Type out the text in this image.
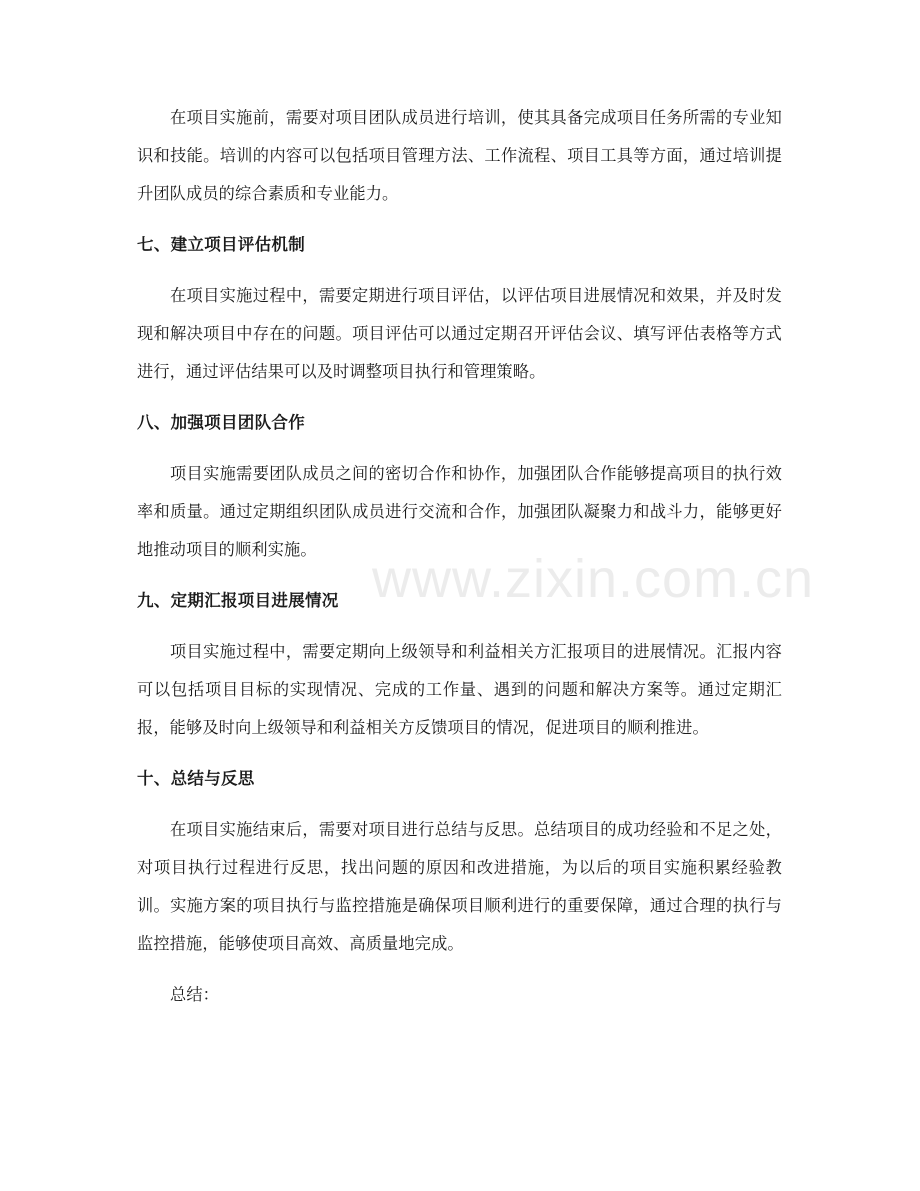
www.zixin.com.cn

在项目实施前，需要对项目团队成员进行培训，使其具备完成项目任务所需的专业知识和技能。培训的内容可以包括项目管理方法、工作流程、项目工具等方面，通过培训提升团队成员的综合素质和专业能力。

七、建立项目评估机制

在项目实施过程中，需要定期进行项目评估，以评估项目进展情况和效果，并及时发现和解决项目中存在的问题。项目评估可以通过定期召开评估会议、填写评估表格等方式进行，通过评估结果可以及时调整项目执行和管理策略。

八、加强项目团队合作

项目实施需要团队成员之间的密切合作和协作，加强团队合作能够提高项目的执行效率和质量。通过定期组织团队成员进行交流和合作，加强团队凝聚力和战斗力，能够更好地推动项目的顺利实施。

九、定期汇报项目进展情况

项目实施过程中，需要定期向上级领导和利益相关方汇报项目的进展情况。汇报内容可以包括项目目标的实现情况、完成的工作量、遇到的问题和解决方案等。通过定期汇报，能够及时向上级领导和利益相关方反馈项目的情况，促进项目的顺利推进。

十、总结与反思

在项目实施结束后，需要对项目进行总结与反思。总结项目的成功经验和不足之处，对项目执行过程进行反思，找出问题的原因和改进措施，为以后的项目实施积累经验教训。实施方案的项目执行与监控措施是确保项目顺利进行的重要保障，通过合理的执行与监控措施，能够使项目高效、高质量地完成。

总结：
